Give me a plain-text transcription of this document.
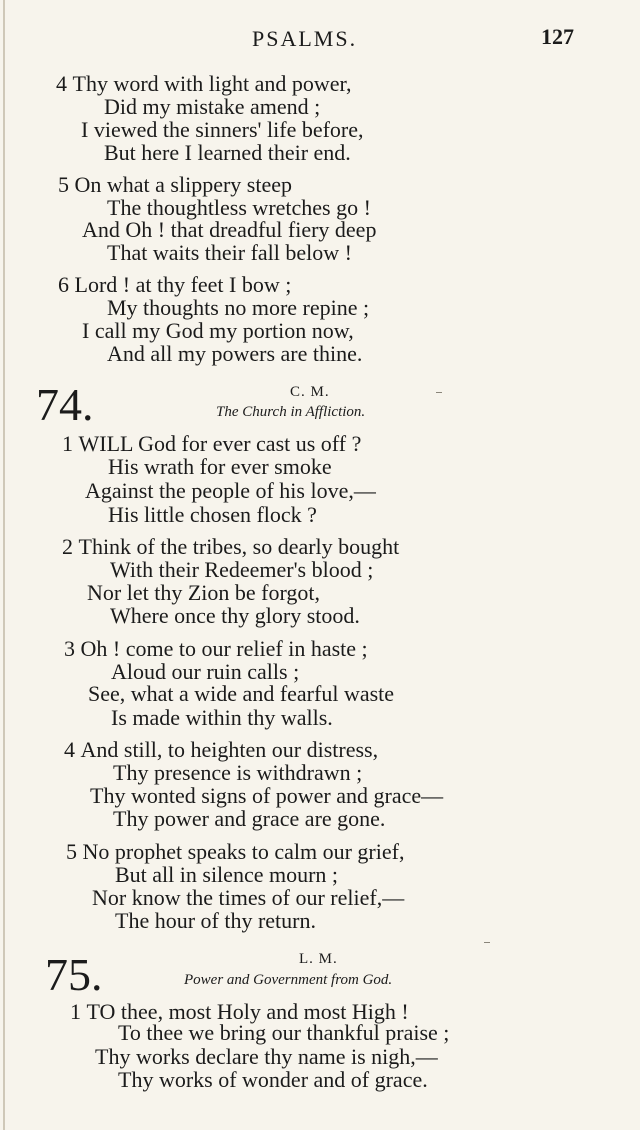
PSALMS.	127
4 Thy word with light and power,
Did my mistake amend ;
I viewed the sinners' life before,
But here I learned their end.
5 On what a slippery steep
The thoughtless wretches go !
And Oh ! that dreadful fiery deep
That waits their fall below !
6 Lord ! at thy feet I bow ;
My thoughts no more repine ;
I call my God my portion now,
And all my powers are thine.
74.	C. M.
The Church in Affliction.
1 WILL God for ever cast us off ?
His wrath for ever smoke
Against the people of his love,—
His little chosen flock ?
2 Think of the tribes, so dearly bought
With their Redeemer's blood ;
Nor let thy Zion be forgot,
Where once thy glory stood.
3 Oh ! come to our relief in haste ;
Aloud our ruin calls ;
See, what a wide and fearful waste
Is made within thy walls.
4 And still, to heighten our distress,
Thy presence is withdrawn ;
Thy wonted signs of power and grace—
Thy power and grace are gone.
5 No prophet speaks to calm our grief,
But all in silence mourn ;
Nor know the times of our relief,—
The hour of thy return.
75.	L. M.
Power and Government from God.
1 TO thee, most Holy and most High !
To thee we bring our thankful praise ;
Thy works declare thy name is nigh,—
Thy works of wonder and of grace.
